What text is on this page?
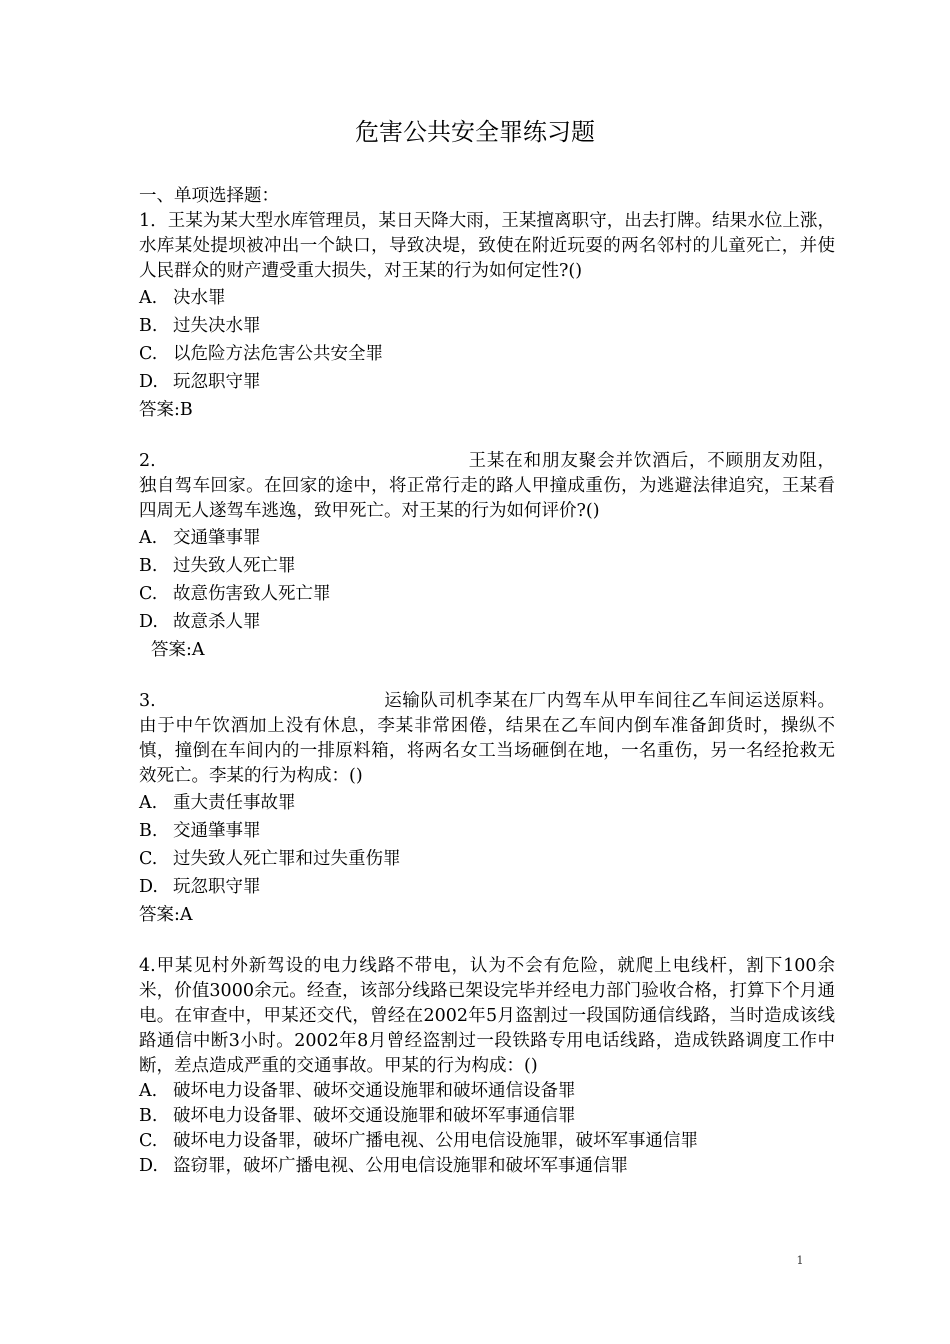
危害公共安全罪练习题
一、单项选择题：

1．王某为某大型水库管理员，某日天降大雨，王某擅离职守，出去打牌。结果水位上涨，水库某处提坝被冲出一个缺口，导致决堤，致使在附近玩耍的两名邻村的儿童死亡，并使人民群众的财产遭受重大损失，对王某的行为如何定性?()

A. 决水罪
B. 过失决水罪
C. 以危险方法危害公共安全罪
D. 玩忽职守罪
答案:B

2.	王某在和朋友聚会并饮酒后，不顾朋友劝阻，独自驾车回家。在回家的途中，将正常行走的路人甲撞成重伤，为逃避法律追究，王某看四周无人遂驾车逃逸，致甲死亡。对王某的行为如何评价?()

A. 交通肇事罪
B. 过失致人死亡罪
C. 故意伤害致人死亡罪
D. 故意杀人罪
答案:A

3.	运输队司机李某在厂内驾车从甲车间往乙车间运送原料。由于中午饮酒加上没有休息，李某非常困倦，结果在乙车间内倒车准备卸货时，操纵不慎，撞倒在车间内的一排原料箱，将两名女工当场砸倒在地，一名重伤，另一名经抢救无效死亡。李某的行为构成：()

A. 重大责任事故罪
B. 交通肇事罪
C. 过失致人死亡罪和过失重伤罪
D. 玩忽职守罪
答案:A

4.甲某见村外新驾设的电力线路不带电，认为不会有危险，就爬上电线杆，割下100余米，价值3000余元。经查，该部分线路已架设完毕并经电力部门验收合格，打算下个月通电。在审查中，甲某还交代，曾经在2002年5月盗割过一段国防通信线路，当时造成该线路通信中断3小时。2002年8月曾经盗割过一段铁路专用电话线路，造成铁路调度工作中断，差点造成严重的交通事故。甲某的行为构成：()

A. 破坏电力设备罪、破坏交通设施罪和破坏通信设备罪
B. 破坏电力设备罪、破坏交通设施罪和破坏军事通信罪
C. 破坏电力设备罪，破坏广播电视、公用电信设施罪，破坏军事通信罪
D. 盗窃罪，破坏广播电视、公用电信设施罪和破坏军事通信罪
1
